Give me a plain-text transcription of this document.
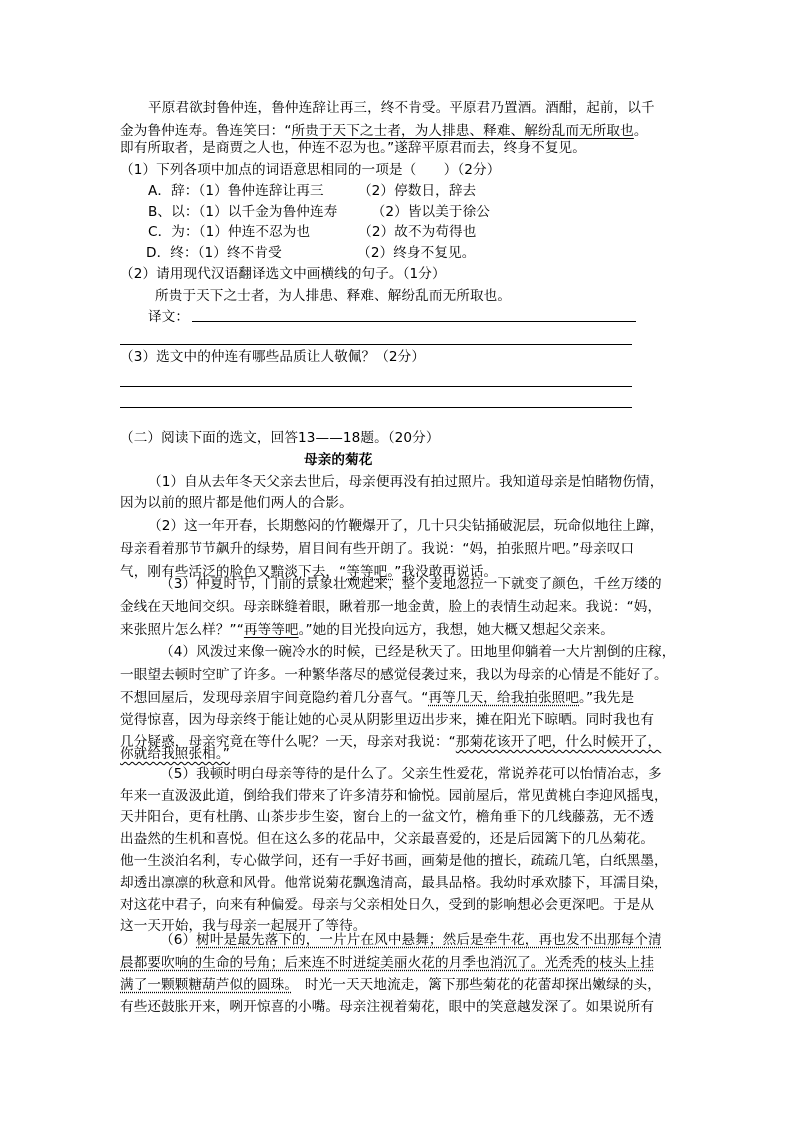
（二）阅读下面的选文，回答13——18题。（20分）
母亲的菊花
平原君欲封鲁仲连，鲁仲连辞让再三，终不肯受。平原君乃置酒。酒酣，起前，以千
金为鲁仲连寿。鲁连笑曰：“所贵于天下之士者，为人排患、释难、解纷乱而无所取也。
即有所取者，是商贾之人也，仲连不忍为也。”遂辞平原君而去，终身不复见。
（1）下列各项中加点的词语意思相同的一项是（　　）（2分）
A．辞：（1）鲁仲连辞让再三　　　（2）停数日，辞去
B、以：（1）以千金为鲁仲连寿　　　（2）皆以美于徐公
C．为：（1）仲连不忍为也　　　　（2）故不为苟得也
D．终：（1）终不肯受　　　　　　（2）终身不复见。
（2）请用现代汉语翻译选文中画横线的句子。（1分）
所贵于天下之士者，为人排患、释难、解纷乱而无所取也。
译文：
（3）选文中的仲连有哪些品质让人敬佩？（2分）
（1）自从去年冬天父亲去世后，母亲便再没有拍过照片。我知道母亲是怕睹物伤情，
因为以前的照片都是他们两人的合影。
（2）这一年开春，长期憋闷的竹鞭爆开了，几十只尖钻捅破泥层，玩命似地往上蹿，
母亲看着那节节飙升的绿势，眉目间有些开朗了。我说：“妈，拍张照片吧。”母亲叹口
气，刚有些活泛的脸色又黯淡下去，“等等吧。”我没敢再说话。
（3）仲夏时节，门前的景象壮观起来，整个麦地忽拉一下就变了颜色，千丝万缕的
金线在天地间交织。母亲眯缝着眼，瞅着那一地金黄，脸上的表情生动起来。我说：“妈，
来张照片怎么样？”“再等等吧。”她的目光投向远方，我想，她大概又想起父亲来。
（4）风泼过来像一碗冷水的时候，已经是秋天了。田地里仰躺着一大片割倒的庄稼，
一眼望去顿时空旷了许多。一种繁华落尽的感觉侵袭过来，我以为母亲的心情是不能好了。
不想回屋后，发现母亲眉宇间竟隐约着几分喜气。“再等几天，给我拍张照吧。”我先是
觉得惊喜，因为母亲终于能让她的心灵从阴影里迈出步来，摊在阳光下晾晒。同时我也有
几分疑惑，母亲究竟在等什么呢？一天，母亲对我说：“那菊花该开了吧，什么时候开了，
你就给我照张相。”
（5）我顿时明白母亲等待的是什么了。父亲生性爱花，常说养花可以怡情冶志，多
年来一直汲汲此道，倒给我们带来了许多清芬和愉悦。园前屋后，常见黄桃白李迎风摇曳，
天井阳台，更有杜鹃、山茶步步生姿，窗台上的一盆文竹，檐角垂下的几线藤荔，无不透
出盎然的生机和喜悦。但在这么多的花品中，父亲最喜爱的，还是后园篱下的几丛菊花。
他一生淡泊名利，专心做学问，还有一手好书画，画菊是他的擅长，疏疏几笔，白纸黑墨，
却透出凛凛的秋意和风骨。他常说菊花飘逸清高，最具品格。我幼时承欢膝下，耳濡目染，
对这花中君子，向来有种偏爱。母亲与父亲相处日久，受到的影响想必会更深吧。于是从
这一天开始，我与母亲一起展开了等待。
（6）树叶是最先落下的，一片片在风中悬舞；然后是牵牛花，再也发不出那每个清
晨都要吹响的生命的号角；后来连不时迸绽美丽火花的月季也消沉了。光秃秃的枝头上挂
满了一颗颗糖葫芦似的圆珠。　时光一天天地流走，篱下那些菊花的花蕾却探出嫩绿的头，
有些还鼓胀开来，咧开惊喜的小嘴。母亲注视着菊花，眼中的笑意越发深了。如果说所有
